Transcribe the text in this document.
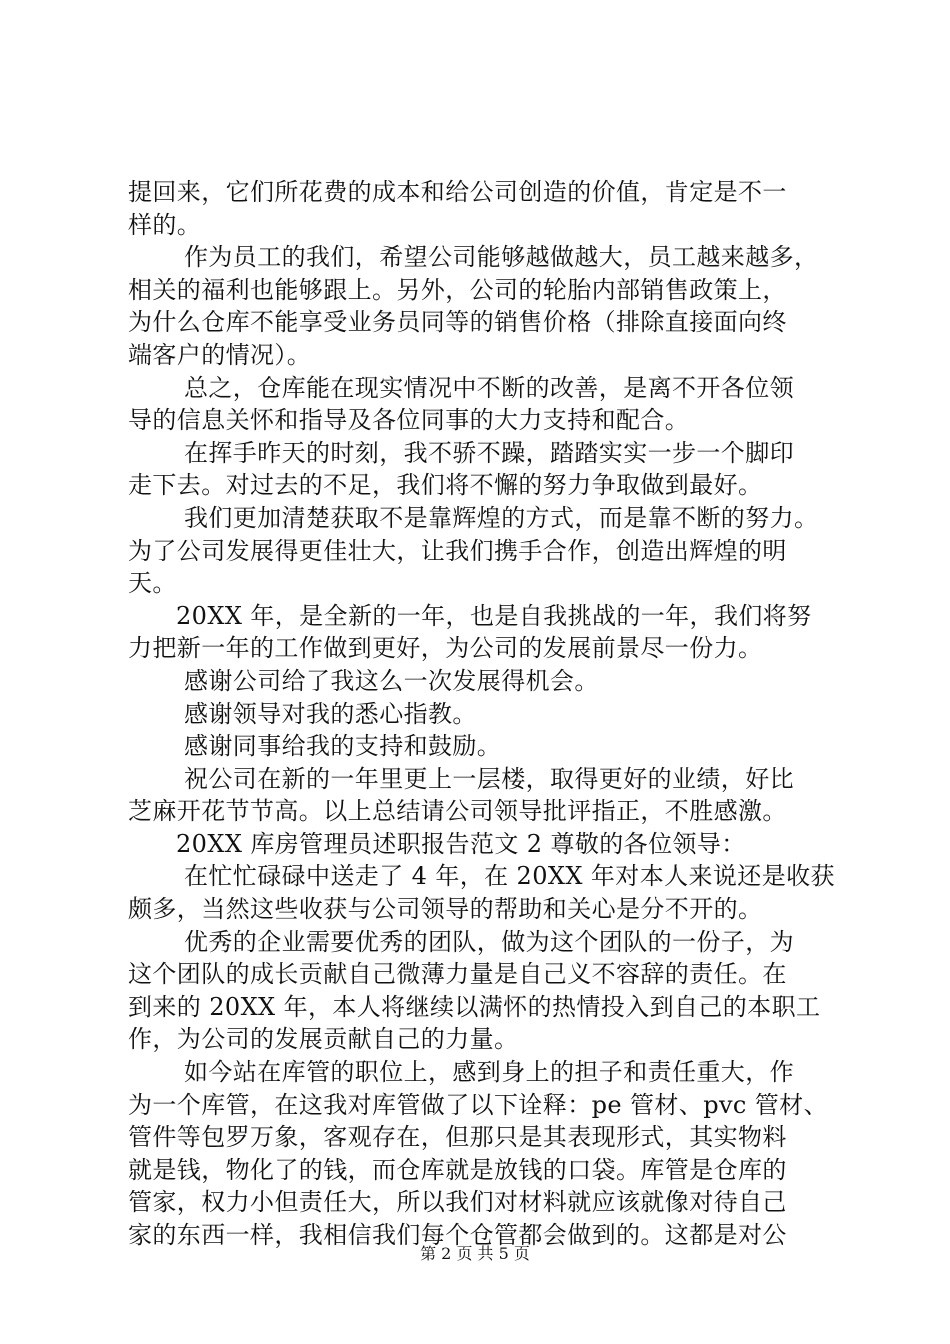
提回来，它们所花费的成本和给公司创造的价值，肯定是不一
样的。
作为员工的我们，希望公司能够越做越大，员工越来越多，
相关的福利也能够跟上。另外，公司的轮胎内部销售政策上，
为什么仓库不能享受业务员同等的销售价格（排除直接面向终
端客户的情况）。
总之，仓库能在现实情况中不断的改善，是离不开各位领
导的信息关怀和指导及各位同事的大力支持和配合。
在挥手昨天的时刻，我不骄不躁，踏踏实实一步一个脚印
走下去。对过去的不足，我们将不懈的努力争取做到最好。
我们更加清楚获取不是靠辉煌的方式，而是靠不断的努力。
为了公司发展得更佳壮大，让我们携手合作，创造出辉煌的明
天。
20XX 年，是全新的一年，也是自我挑战的一年，我们将努
力把新一年的工作做到更好，为公司的发展前景尽一份力。
感谢公司给了我这么一次发展得机会。
感谢领导对我的悉心指教。
感谢同事给我的支持和鼓励。
祝公司在新的一年里更上一层楼，取得更好的业绩，好比
芝麻开花节节高。以上总结请公司领导批评指正，不胜感激。
20XX 库房管理员述职报告范文 2 尊敬的各位领导：
在忙忙碌碌中送走了 4 年，在 20XX 年对本人来说还是收获
颇多，当然这些收获与公司领导的帮助和关心是分不开的。
优秀的企业需要优秀的团队，做为这个团队的一份子，为
这个团队的成长贡献自己微薄力量是自己义不容辞的责任。在
到来的 20XX 年，本人将继续以满怀的热情投入到自己的本职工
作，为公司的发展贡献自己的力量。
如今站在库管的职位上，感到身上的担子和责任重大，作
为一个库管，在这我对库管做了以下诠释：pe 管材、pvc 管材、
管件等包罗万象，客观存在，但那只是其表现形式，其实物料
就是钱，物化了的钱，而仓库就是放钱的口袋。库管是仓库的
管家，权力小但责任大，所以我们对材料就应该就像对待自己
家的东西一样，我相信我们每个仓管都会做到的。这都是对公
第 2 页 共 5 页
